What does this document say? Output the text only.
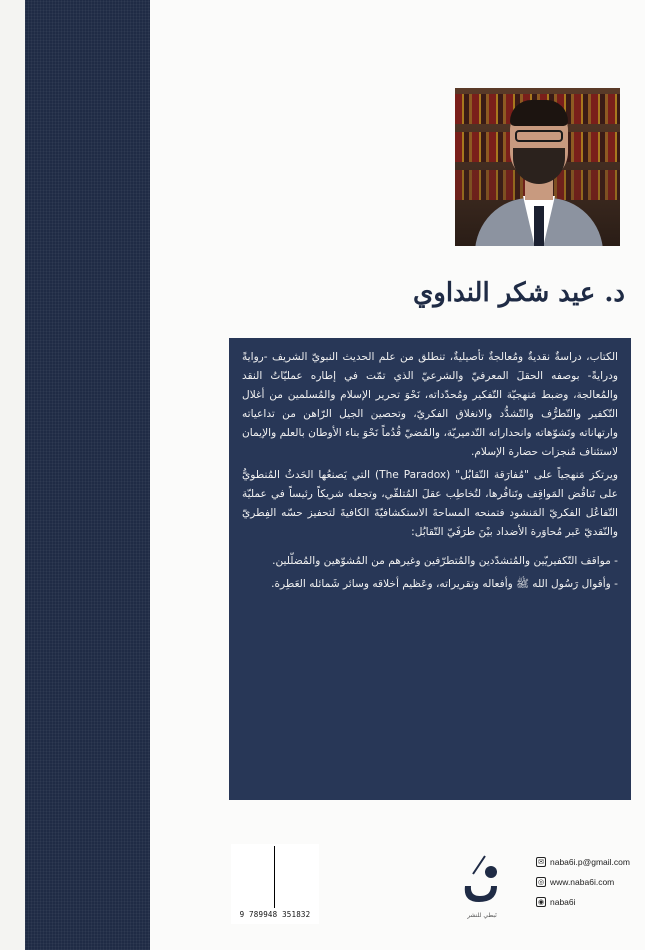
د. عيد شكر النداوي

الكتاب، دراسةٌ نقديةٌ ومُعالجةٌ تأصيليةٌ، تنطلق من علم الحديث النبويّ الشريف -روايةً ودرايةً- بوصفه الحقلَ المعرفيّ والشرعيّ الذي تمّت في إطاره عمليّاتُ النقد والمُعالجة، وضبط مَنهجيّة التّفكير ومُحدّداته، نَحْوَ تحرير الإسلام والمُسلمين من أغلال التّكفير والتّطرُّف والتّشدُّد والانغلاق الفكريّ، وتحصين الجيل الرّاهن من تداعياته وارتهاناته وتَشوّهاته وانحداراته التّدميريّة، والمُضيّ قُدُماً نَحْوَ بناء الأوطان بالعلم والإيمان لاستئناف مُنجزات حضارة الإسلام.

ويرتكز مَنهجياً على "مُفارَقة التّقابُل" (The Paradox) التي يَصنعُها الحَدثُ المُنطويُّ على تَناقُض المَواقِف وتَنافُرها، لتُخاطِب عقلَ المُتلقّي، وتجعله شريكاً رئيساً في عمليّة التّفاعُل الفكريّ المَنشود فتمنحه المساحةَ الاستكشافيّةَ الكافيةَ لتحفيز حسّه الفِطريّ والنّقديّ عَبر مُحاوَرة الأضداد بيْنَ طرَفَيّ التّقابُل:

- مواقف التّكفيريّين والمُتشدّدين والمُتطرّفين وغيرهم من المُشوّهين والمُضلّلين.

- وأقوال رَسُول الله ﷺ وأفعاله وتقريراته، وعَظيم أخلاقه وسائر شَمائله العَطِرة.

9 789948 351832	نَبطي للنشر
✉ naba6i.p@gmail.com
◎ www.naba6i.com
◉ naba6i
